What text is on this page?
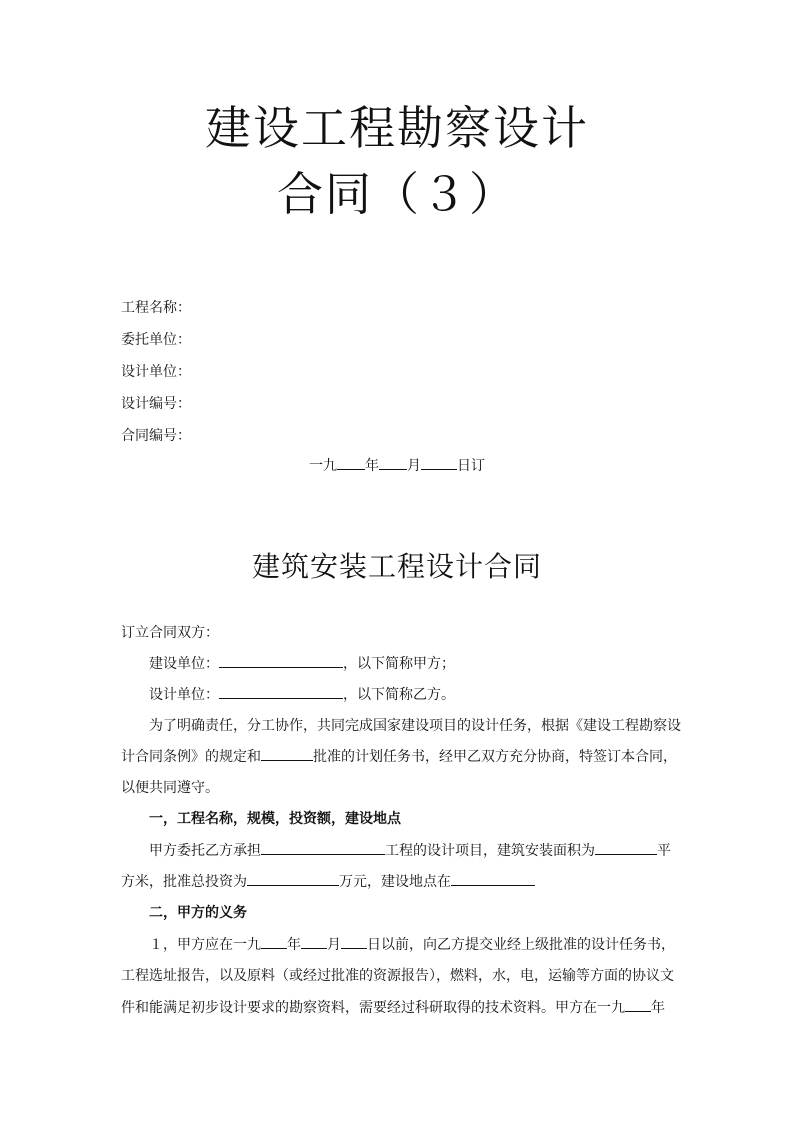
建设工程勘察设计
合同（３）
工程名称：
委托单位：
设计单位：
设计编号：
合同编号：
一九 年 月	日订
建筑安装工程设计合同
订立合同双方：
建设单位：	，以下简称甲方；
设计单位：	，以下简称乙方。
为了明确责任，分工协作，共同完成国家建设项目的设计任务，根据《建设工程勘察设
计合同条例》的规定和	批准的计划任务书，经甲乙双方充分协商，特签订本合同，
以便共同遵守。
一，工程名称，规模，投资额，建设地点
甲方委托乙方承担	工程的设计项目，建筑安装面积为	平
方米，批准总投资为	万元，建设地点在
二，甲方的义务
１，甲方应在一九 年 月 日以前，向乙方提交业经上级批准的设计任务书，
工程选址报告，以及原料（或经过批准的资源报告），燃料，水，电，运输等方面的协议文
件和能满足初步设计要求的勘察资料，需要经过科研取得的技术资料。甲方在一九 年
